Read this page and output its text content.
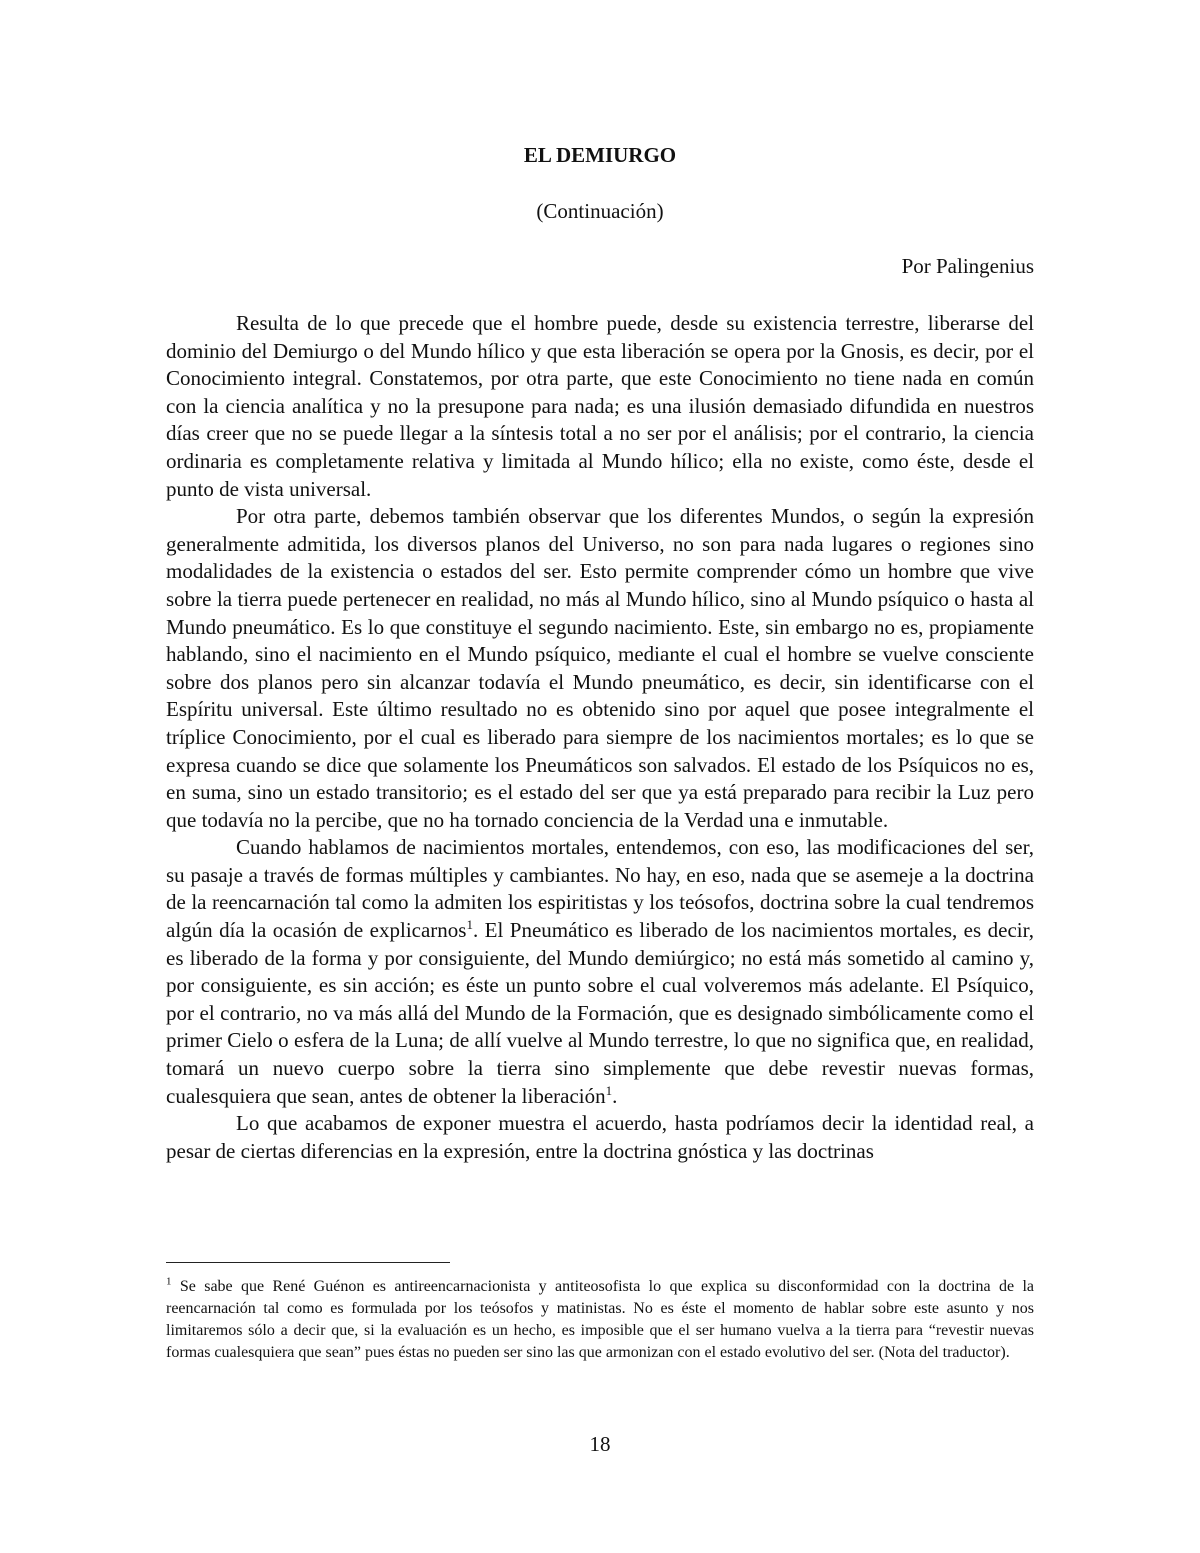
EL DEMIURGO
(Continuación)
Por Palingenius

Resulta de lo que precede que el hombre puede, desde su existencia terrestre, liberarse del dominio del Demiurgo o del Mundo hílico y que esta liberación se opera por la Gnosis, es decir, por el Conocimiento integral. Constatemos, por otra parte, que este Conocimiento no tiene nada en común con la ciencia analítica y no la presupone para nada; es una ilusión demasiado difundida en nuestros días creer que no se puede llegar a la síntesis total a no ser por el análisis; por el contrario, la ciencia ordinaria es completamente relativa y limitada al Mundo hílico; ella no existe, como éste, desde el punto de vista universal.

Por otra parte, debemos también observar que los diferentes Mundos, o según la expresión generalmente admitida, los diversos planos del Universo, no son para nada lugares o regiones sino modalidades de la existencia o estados del ser. Esto permite comprender cómo un hombre que vive sobre la tierra puede pertenecer en realidad, no más al Mundo hílico, sino al Mundo psíquico o hasta al Mundo pneumático. Es lo que constituye el segundo nacimiento. Este, sin embargo no es, propiamente hablando, sino el nacimiento en el Mundo psíquico, mediante el cual el hombre se vuelve consciente sobre dos planos pero sin alcanzar todavía el Mundo pneumático, es decir, sin identificarse con el Espíritu universal. Este último resultado no es obtenido sino por aquel que posee integralmente el tríplice Conocimiento, por el cual es liberado para siempre de los nacimientos mortales; es lo que se expresa cuando se dice que solamente los Pneumáticos son salvados. El estado de los Psíquicos no es, en suma, sino un estado transitorio; es el estado del ser que ya está preparado para recibir la Luz pero que todavía no la percibe, que no ha tornado conciencia de la Verdad una e inmutable.

Cuando hablamos de nacimientos mortales, entendemos, con eso, las modificaciones del ser, su pasaje a través de formas múltiples y cambiantes. No hay, en eso, nada que se asemeje a la doctrina de la reencarnación tal como la admiten los espiritistas y los teósofos, doctrina sobre la cual tendremos algún día la ocasión de explicarnos$^1$. El Pneumático es liberado de los nacimientos mortales, es decir, es liberado de la forma y por consiguiente, del Mundo demiúrgico; no está más sometido al camino y, por consiguiente, es sin acción; es éste un punto sobre el cual volveremos más adelante. El Psíquico, por el contrario, no va más allá del Mundo de la Formación, que es designado simbólicamente como el primer Cielo o esfera de la Luna; de allí vuelve al Mundo terrestre, lo que no significa que, en realidad, tomará un nuevo cuerpo sobre la tierra sino simplemente que debe revestir nuevas formas, cualesquiera que sean, antes de obtener la liberación$^1$.

Lo que acabamos de exponer muestra el acuerdo, hasta podríamos decir la identidad real, a pesar de ciertas diferencias en la expresión, entre la doctrina gnóstica y las doctrinas

$^1$ Se sabe que René Guénon es antireencarnacionista y antiteosofista lo que explica su disconformidad con la doctrina de la reencarnación tal como es formulada por los teósofos y matinistas. No es éste el momento de hablar sobre este asunto y nos limitaremos sólo a decir que, si la evaluación es un hecho, es imposible que el ser humano vuelva a la tierra para “revestir nuevas formas cualesquiera que sean” pues éstas no pueden ser sino las que armonizan con el estado evolutivo del ser. (Nota del traductor).
18
